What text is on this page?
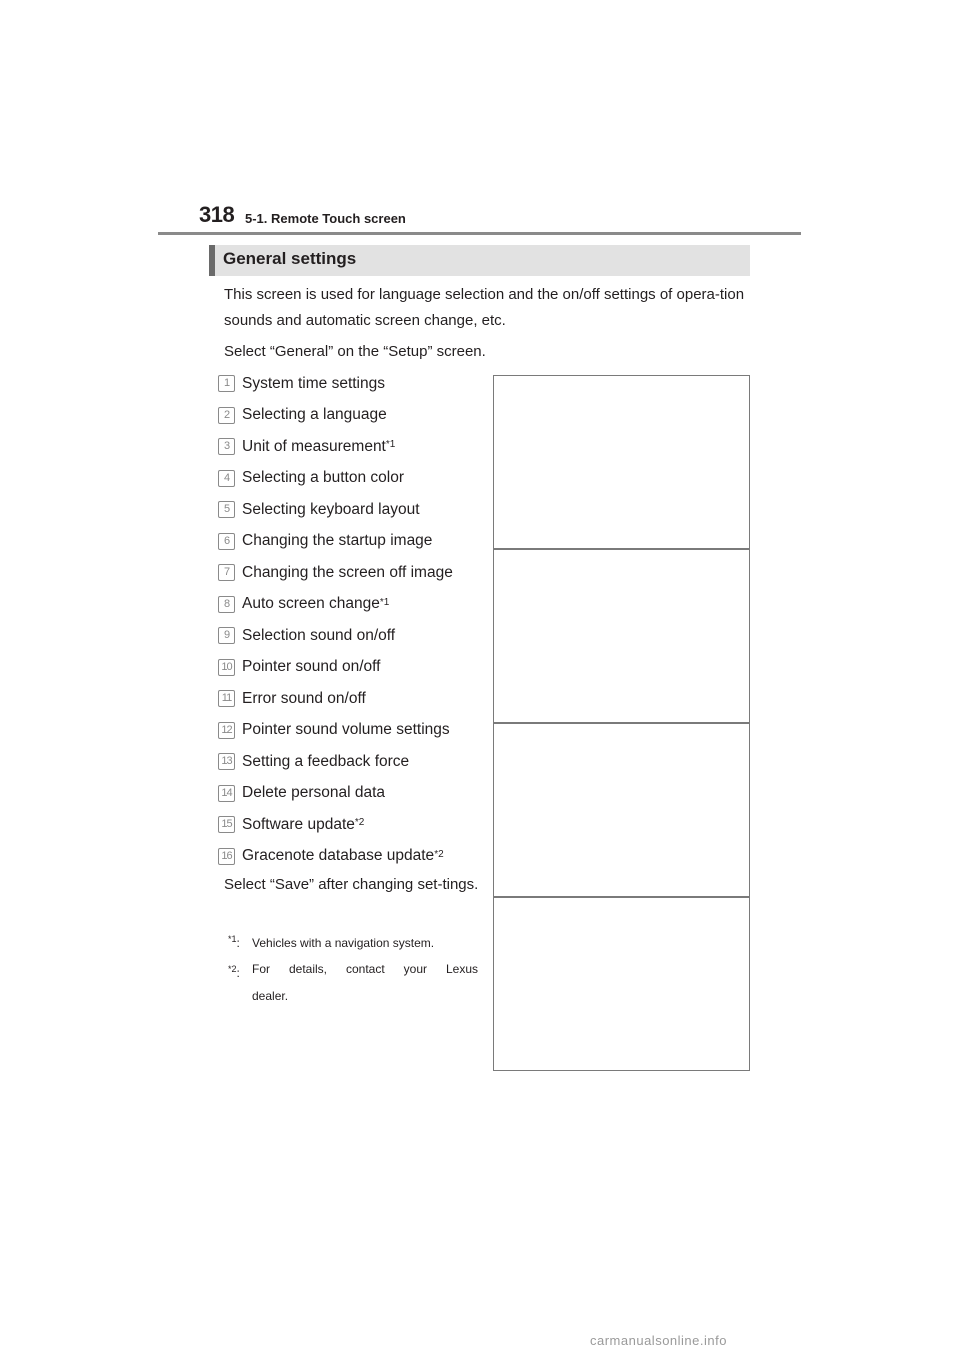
318 5-1. Remote Touch screen
General settings
This screen is used for language selection and the on/off settings of opera-tion sounds and automatic screen change, etc.
Select “General” on the “Setup” screen.
1 System time settings
2 Selecting a language
3 Unit of measurement$^{*1}$
4 Selecting a button color
5 Selecting keyboard layout
6 Changing the startup image
7 Changing the screen off image
8 Auto screen change$^{*1}$
9 Selection sound on/off
10 Pointer sound on/off
11 Error sound on/off
12 Pointer sound volume settings
13 Setting a feedback force
14 Delete personal data
15 Software update$^{*2}$
16 Gracenote database update$^{*2}$
Select “Save” after changing set-tings.
$^{*1}$: Vehicles with a navigation system.
$^{*2}$: For details, contact your Lexus
dealer.
carmanualsonline.info
